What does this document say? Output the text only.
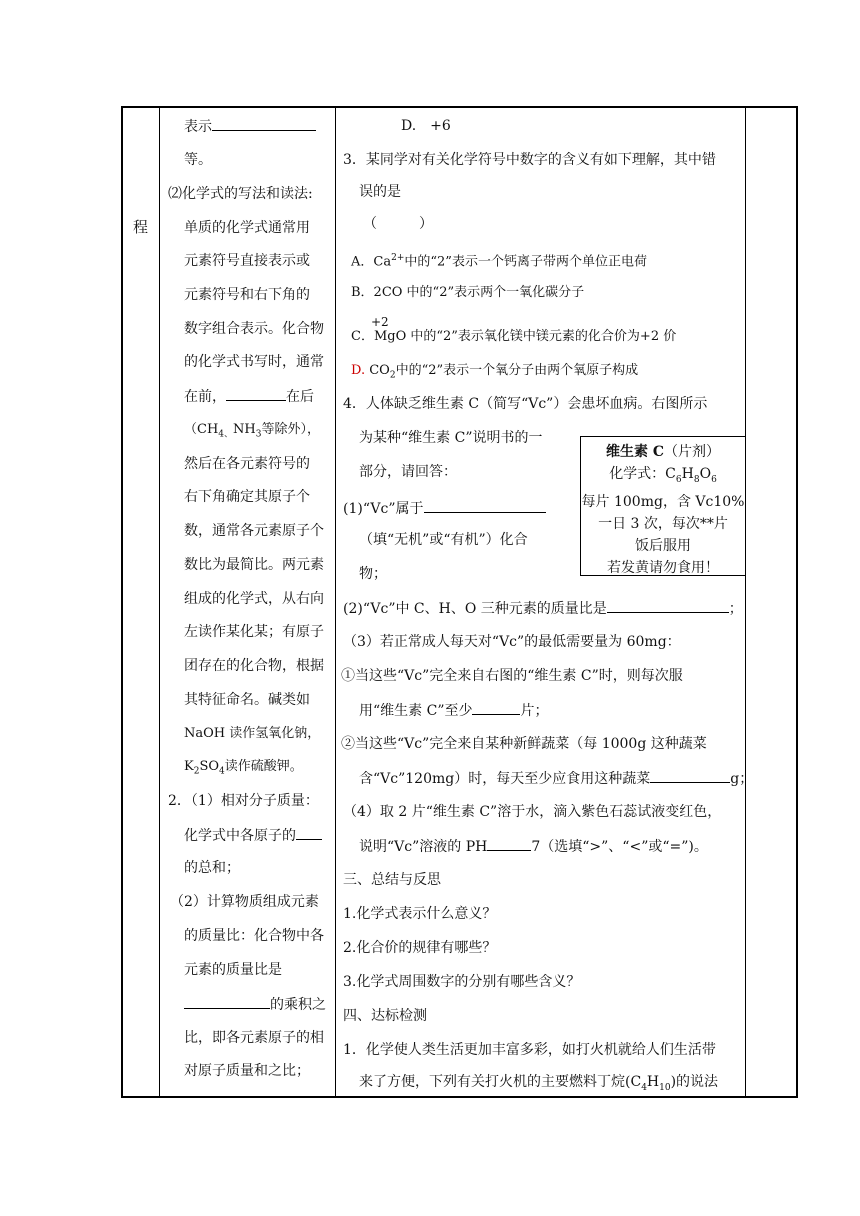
程
表示
等。
⑵化学式的写法和读法:
单质的化学式通常用
元素符号直接表示或
元素符号和右下角的
数字组合表示。化合物
的化学式书写时，通常
在前，	在后
（$CH_{4、}NH_3$等除外），
然后在各元素符号的
右下角确定其原子个
数，通常各元素原子个
数比为最简比。两元素
组成的化学式，从右向
左读作某化某；有原子
团存在的化合物，根据
其特征命名。碱类如
NaOH 读作氢氧化钠，
$K_2SO_4$读作硫酸钾。
2．（1）相对分子质量：
化学式中各原子的
的总和；
（2）计算物质组成元素
的质量比：化合物中各
元素的质量比是
的乘积之
比，即各元素原子的相
对原子质量和之比；
D.　+6
3．某同学对有关化学符号中数字的含义有如下理解，其中错
误的是
（　　　）
A．$Ca^{2+}$中的“2”表示一个钙离子带两个单位正电荷
B．2CO 中的“2”表示两个一氧化碳分子
+2
C．MgO 中的“2”表示氧化镁中镁元素的化合价为+2 价
D. $CO_2$中的“2”表示一个氧分子由两个氧原子构成
4．人体缺乏维生素 C（简写“Vc”）会患坏血病。右图所示
为某种“维生素 C”说明书的一
部分，请回答：
(1)“Vc”属于
（填“无机”或“有机”）化合
物；
(2)“Vc”中 C、H、O 三种元素的质量比是	；
（3）若正常成人每天对“Vc”的最低需要量为 60mg：
①当这些“Vc”完全来自右图的“维生素 C”时，则每次服
用“维生素 C”至少	片；
②当这些“Vc”完全来自某种新鲜蔬菜（每 1000g 这种蔬菜
含“Vc”120mg）时，每天至少应食用这种蔬菜	g；
（4）取 2 片“维生素 C”溶于水，滴入紫色石蕊试液变红色，
说明“Vc”溶液的 PH	7（选填“>”、“<”或“=”)。
三、总结与反思
1.化学式表示什么意义？
2.化合价的规律有哪些？
3.化学式周围数字的分别有哪些含义？
四、达标检测
1．化学使人类生活更加丰富多彩，如打火机就给人们生活带
来了方便，下列有关打火机的主要燃料丁烷$(C_4H_{10})$的说法
维生素 C（片剂）
化学式：$C_6H_8O_6$
每片 100mg，含 Vc10%
一日 3 次，每次**片
饭后服用
若发黄请勿食用！
